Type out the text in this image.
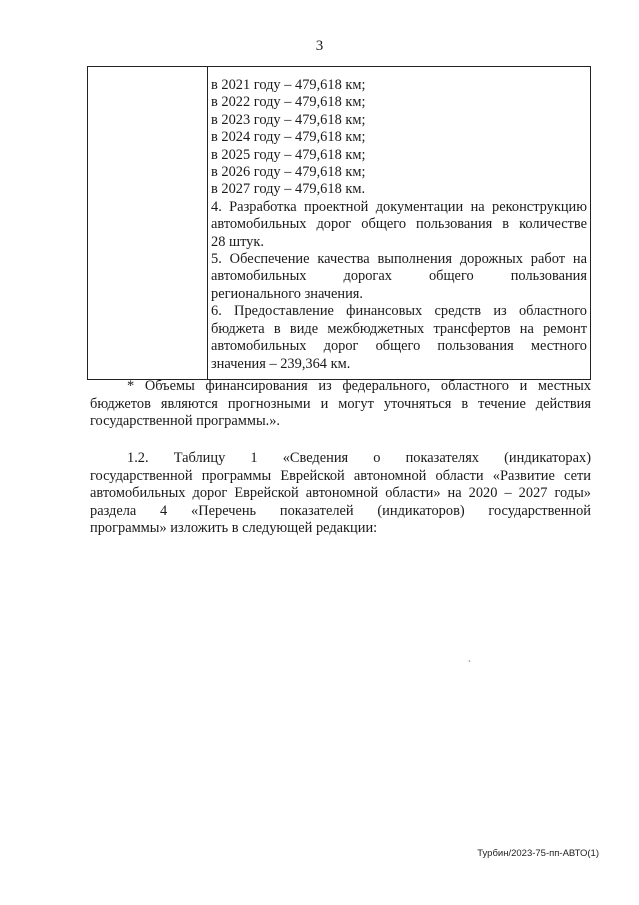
3

в 2021 году – 479,618 км;
в 2022 году – 479,618 км;
в 2023 году – 479,618 км;
в 2024 году – 479,618 км;
в 2025 году – 479,618 км;
в 2026 году – 479,618 км;
в 2027 году – 479,618 км.
4. Разработка проектной документации на реконструкцию
автомобильных дорог общего пользования в количестве
28 штук.
5. Обеспечение качества выполнения дорожных работ на
автомобильных дорогах общего пользования
регионального значения.
6. Предоставление финансовых средств из областного
бюджета в виде межбюджетных трансфертов на ремонт
автомобильных дорог общего пользования местного
значения – 239,364 км.
* Объемы финансирования из федерального, областного и местных
бюджетов являются прогнозными и могут уточняться в течение действия
государственной программы.».
1.2. Таблицу 1 «Сведения о показателях (индикаторах)
государственной программы Еврейской автономной области «Развитие сети
автомобильных дорог Еврейской автономной области» на 2020 – 2027 годы»
раздела 4 «Перечень показателей (индикаторов) государственной
программы» изложить в следующей редакции:
`
Турбин/2023-75-пп-АВТО(1)
